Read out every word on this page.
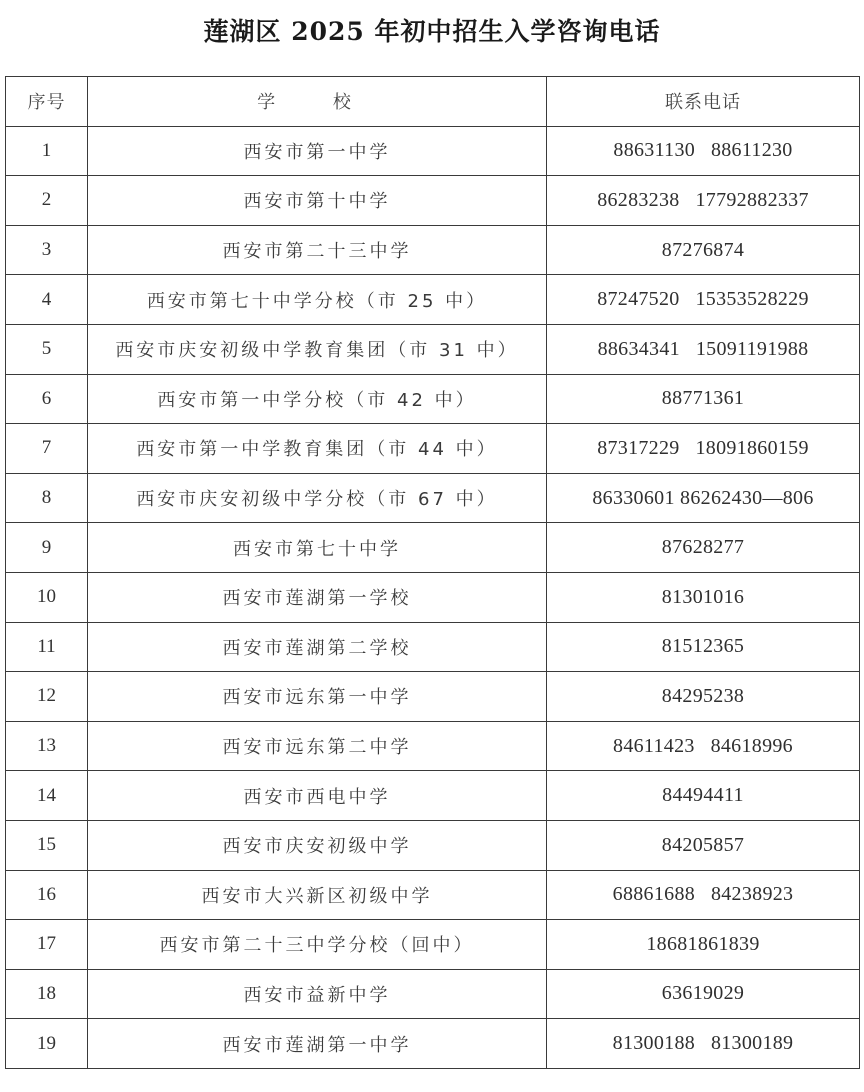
莲湖区 2025 年初中招生入学咨询电话
序号	学 校	联系电话
1	西安市第一中学	88631130   88611230
2	西安市第十中学	86283238   17792882337
3	西安市第二十三中学	87276874
4	西安市第七十中学分校（市 25 中）	87247520   15353528229
5	西安市庆安初级中学教育集团（市 31 中）	88634341   15091191988
6	西安市第一中学分校（市 42 中）	88771361
7	西安市第一中学教育集团（市 44 中）	87317229   18091860159
8	西安市庆安初级中学分校（市 67 中）	86330601 86262430—806
9	西安市第七十中学	87628277
10	西安市莲湖第一学校	81301016
11	西安市莲湖第二学校	81512365
12	西安市远东第一中学	84295238
13	西安市远东第二中学	84611423   84618996
14	西安市西电中学	84494411
15	西安市庆安初级中学	84205857
16	西安市大兴新区初级中学	68861688   84238923
17	西安市第二十三中学分校（回中）	18681861839
18	西安市益新中学	63619029
19	西安市莲湖第一中学	81300188   81300189
